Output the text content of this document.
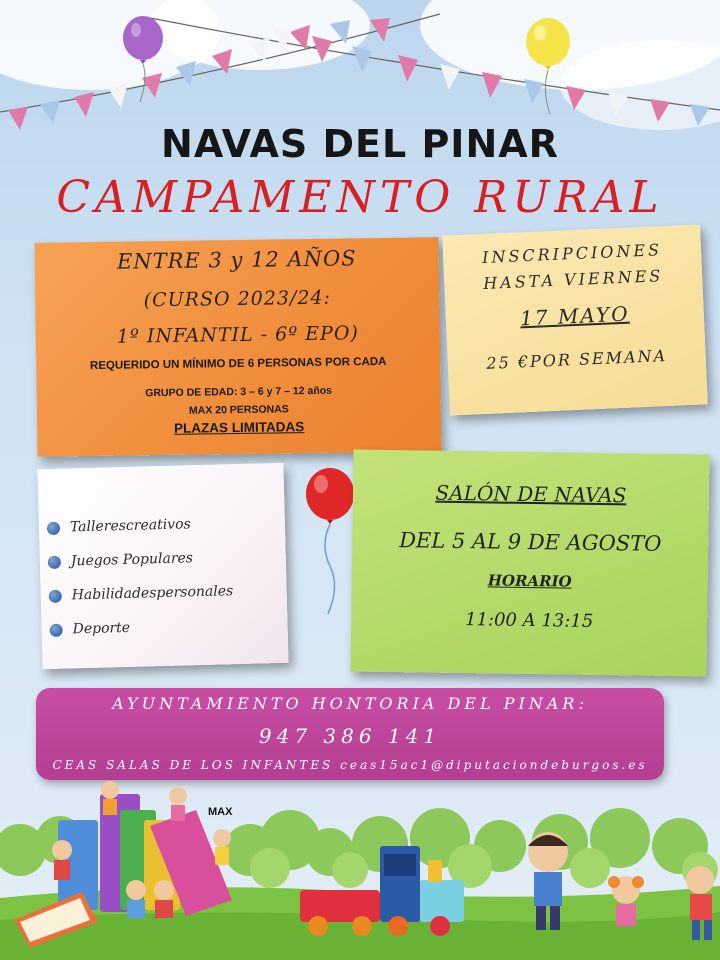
NAVAS DEL PINAR
CAMPAMENTO RURAL
ENTRE 3 y 12 AÑOS
(CURSO 2023/24:
1º INFANTIL - 6º EPO)
REQUERIDO UN MÍNIMO DE 6 PERSONAS POR CADA
GRUPO DE EDAD: 3 – 6 y 7 – 12 años
MAX 20 PERSONAS
PLAZAS LIMITADAS
INSCRIPCIONES
HASTA VIERNES
17 MAYO
25 €POR SEMANA
Tallerescreativos
Juegos Populares
Habilidadespersonales
Deporte
SALÓN DE NAVAS
DEL 5 AL 9 DE AGOSTO
HORARIO
11:00 A 13:15
AYUNTAMIENTO HONTORIA DEL PINAR:
947 386 141
CEAS SALAS DE LOS INFANTES ceas15ac1@diputaciondeburgos.es
MAX
